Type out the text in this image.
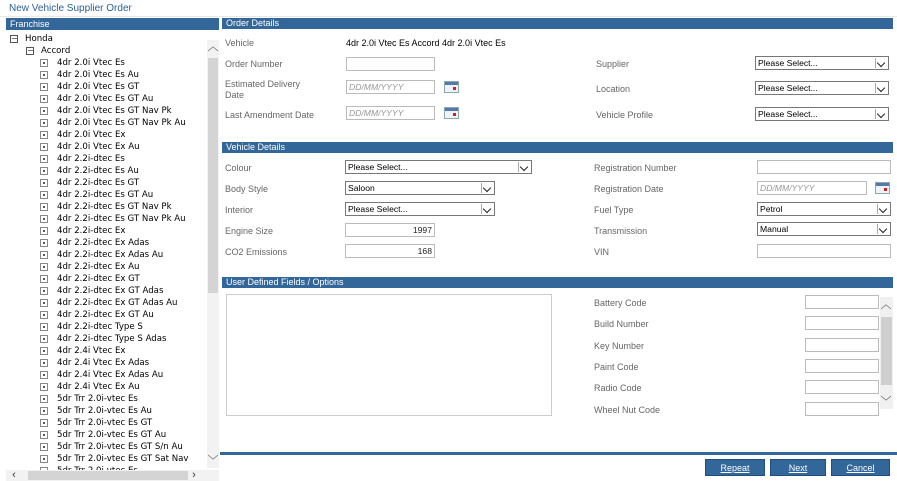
New Vehicle Supplier Order
Franchise
− Honda
− Accord
4dr 2.0i Vtec Es
4dr 2.0i Vtec Es Au
4dr 2.0i Vtec Es GT
4dr 2.0i Vtec Es GT Au
4dr 2.0i Vtec Es GT Nav Pk
4dr 2.0i Vtec Es GT Nav Pk Au
4dr 2.0i Vtec Ex
4dr 2.0i Vtec Ex Au
4dr 2.2i-dtec Es
4dr 2.2i-dtec Es Au
4dr 2.2i-dtec Es GT
4dr 2.2i-dtec Es GT Au
4dr 2.2i-dtec Es GT Nav Pk
4dr 2.2i-dtec Es GT Nav Pk Au
4dr 2.2i-dtec Ex
4dr 2.2i-dtec Ex Adas
4dr 2.2i-dtec Ex Adas Au
4dr 2.2i-dtec Ex Au
4dr 2.2i-dtec Ex GT
4dr 2.2i-dtec Ex GT Adas
4dr 2.2i-dtec Ex GT Adas Au
4dr 2.2i-dtec Ex GT Au
4dr 2.2i-dtec Type S
4dr 2.2i-dtec Type S Adas
4dr 2.4i Vtec Ex
4dr 2.4i Vtec Ex Adas
4dr 2.4i Vtec Ex Adas Au
4dr 2.4i Vtec Ex Au
5dr Trr 2.0i-vtec Es
5dr Trr 2.0i-vtec Es Au
5dr Trr 2.0i-vtec Es GT
5dr Trr 2.0i-vtec Es GT Au
5dr Trr 2.0i-vtec Es GT S/n Au
5dr Trr 2.0i-vtec Es GT Sat Nav
︿
﹀
‹	›
Order Details
Vehicle	4dr 2.0i Vtec Es Accord 4dr 2.0i Vtec Es
Order Number
Estimated Delivery
Date
DD/MM/YYYY
Last Amendment Date	DD/MM/YYYY
Supplier	Please Select...
Location	Please Select...
Vehicle Profile	Please Select...
Vehicle Details
Colour	Please Select...
Body Style	Saloon
Interior	Please Select...
Engine Size	1997
CO2 Emissions	168
Registration Number
Registration Date	DD/MM/YYYY
Fuel Type	Petrol
Transmission	Manual
VIN
User Defined Fields / Options
Battery Code
Build Number
Key Number
Paint Code
Radio Code
Wheel Nut Code
︿
﹀
Repeat	Next	Cancel
